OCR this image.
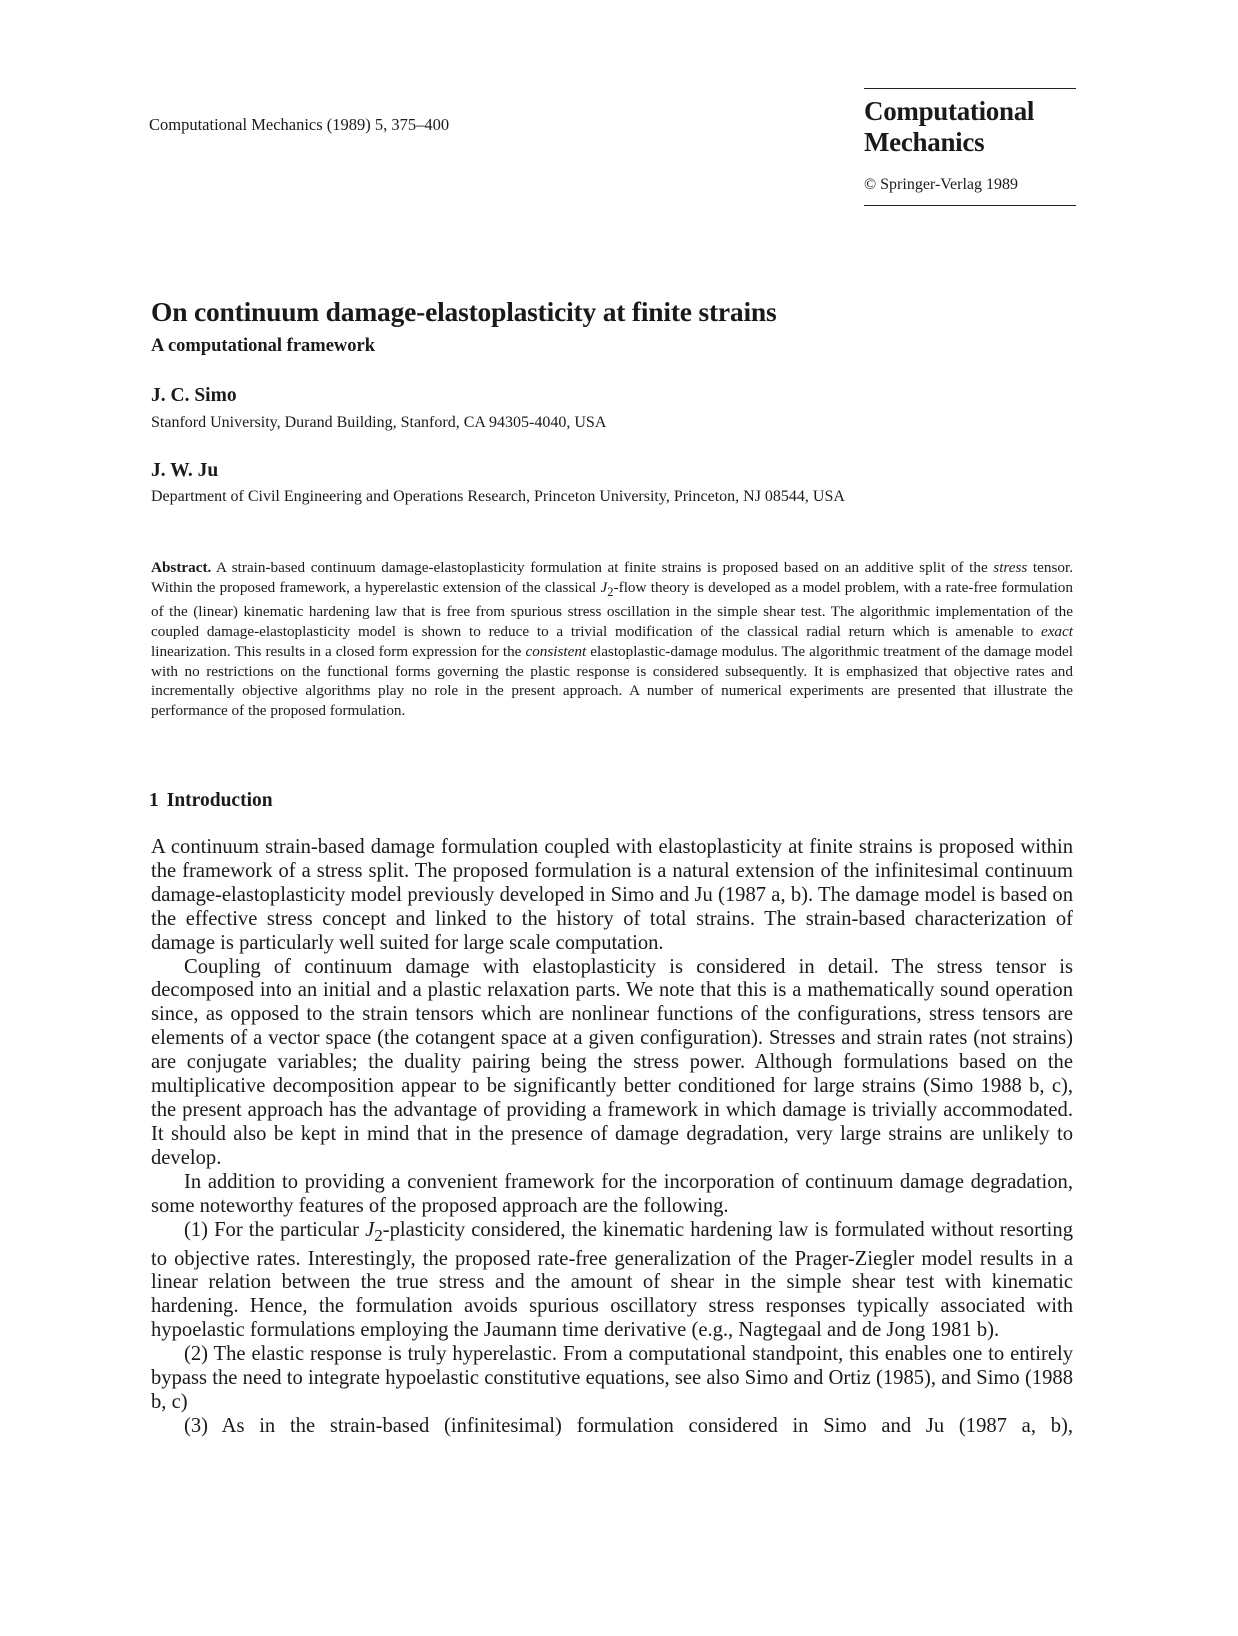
Computational Mechanics (1989) 5, 375–400	Computational
Mechanics
© Springer-Verlag 1989
On continuum damage-elastoplasticity at finite strains
A computational framework
J. C. Simo
Stanford University, Durand Building, Stanford, CA 94305-4040, USA
J. W. Ju
Department of Civil Engineering and Operations Research, Princeton University, Princeton, NJ 08544, USA
Abstract. A strain-based continuum damage-elastoplasticity formulation at finite strains is proposed based on an additive split of the stress tensor. Within the proposed framework, a hyperelastic extension of the classical $J_2$-flow theory is developed as a model problem, with a rate-free formulation of the (linear) kinematic hardening law that is free from spurious stress oscillation in the simple shear test. The algorithmic implementation of the coupled damage-elastoplasticity model is shown to reduce to a trivial modification of the classical radial return which is amenable to exact linearization. This results in a closed form expression for the consistent elastoplastic-damage modulus. The algorithmic treatment of the damage model with no restrictions on the functional forms governing the plastic response is considered subsequently. It is emphasized that objective rates and incrementally objective algorithms play no role in the present approach. A number of numerical experiments are presented that illustrate the performance of the proposed formulation.
1 Introduction

A continuum strain-based damage formulation coupled with elastoplasticity at finite strains is proposed within the framework of a stress split. The proposed formulation is a natural extension of the infinitesimal continuum damage-elastoplasticity model previously developed in Simo and Ju (1987 a, b). The damage model is based on the effective stress concept and linked to the history of total strains. The strain-based characterization of damage is particularly well suited for large scale computation.

Coupling of continuum damage with elastoplasticity is considered in detail. The stress tensor is decomposed into an initial and a plastic relaxation parts. We note that this is a mathematically sound operation since, as opposed to the strain tensors which are nonlinear functions of the configurations, stress tensors are elements of a vector space (the cotangent space at a given configuration). Stresses and strain rates (not strains) are conjugate variables; the duality pairing being the stress power. Although formulations based on the multiplicative decomposition appear to be significantly better conditioned for large strains (Simo 1988 b, c), the present approach has the advantage of providing a framework in which damage is trivially accommodated. It should also be kept in mind that in the presence of damage degradation, very large strains are unlikely to develop.

In addition to providing a convenient framework for the incorporation of continuum damage degradation, some noteworthy features of the proposed approach are the following.

(1) For the particular $J_2$-plasticity considered, the kinematic hardening law is formulated without resorting to objective rates. Interestingly, the proposed rate-free generalization of the Prager-Ziegler model results in a linear relation between the true stress and the amount of shear in the simple shear test with kinematic hardening. Hence, the formulation avoids spurious oscillatory stress responses typically associated with hypoelastic formulations employing the Jaumann time derivative (e.g., Nagtegaal and de Jong 1981 b).

(2) The elastic response is truly hyperelastic. From a computational standpoint, this enables one to entirely bypass the need to integrate hypoelastic constitutive equations, see also Simo and Ortiz (1985), and Simo (1988 b, c)

(3) As in the strain-based (infinitesimal) formulation considered in Simo and Ju (1987 a, b),
